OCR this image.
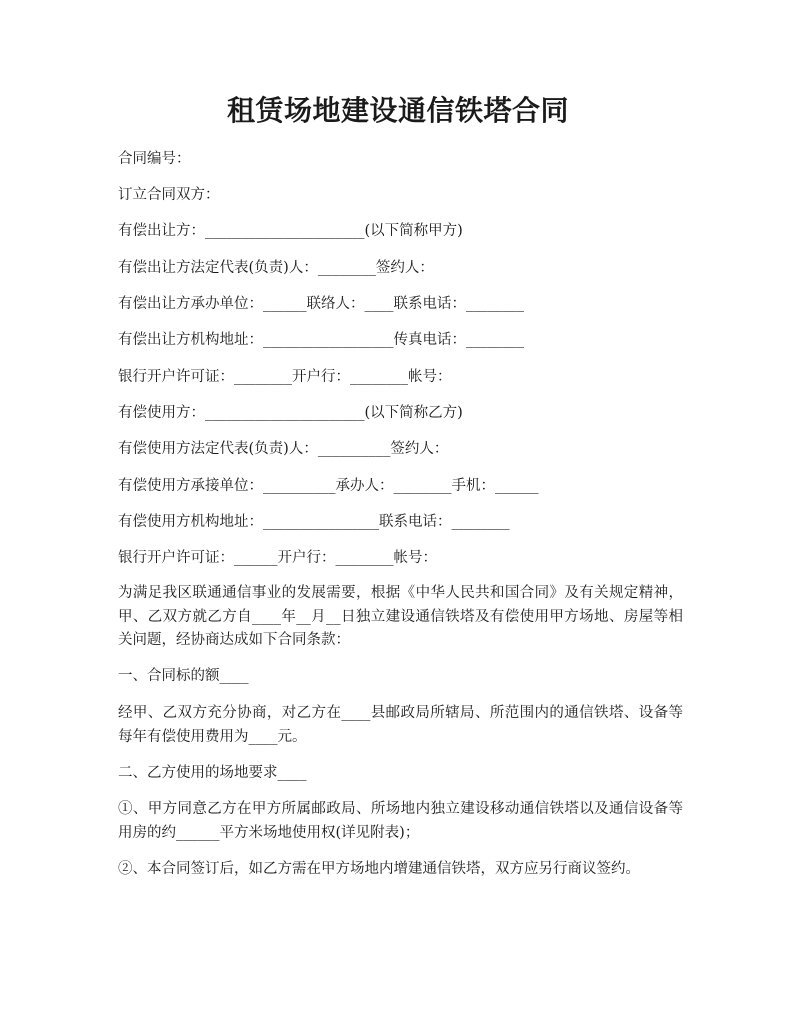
租赁场地建设通信铁塔合同
合同编号：
订立合同双方：
有偿出让方：______________________(以下简称甲方)
有偿出让方法定代表(负责)人：________签约人：
有偿出让方承办单位：______联络人：____联系电话：________
有偿出让方机构地址：__________________传真电话：________
银行开户许可证：________开户行：________帐号：
有偿使用方：______________________(以下简称乙方)
有偿使用方法定代表(负责)人：__________签约人：
有偿使用方承接单位：__________承办人：________手机：______
有偿使用方机构地址：________________联系电话：________
银行开户许可证：______开户行：________帐号：
为满足我区联通通信事业的发展需要，根据《中华人民共和国合同》及有关规定精神，甲、乙双方就乙方自____年__月__日独立建设通信铁塔及有偿使用甲方场地、房屋等相关问题，经协商达成如下合同条款：
一、合同标的额____
经甲、乙双方充分协商，对乙方在____县邮政局所辖局、所范围内的通信铁塔、设备等每年有偿使用费用为____元。
二、乙方使用的场地要求____
①、甲方同意乙方在甲方所属邮政局、所场地内独立建设移动通信铁塔以及通信设备等用房的约______平方米场地使用权(详见附表)；
②、本合同签订后，如乙方需在甲方场地内增建通信铁塔，双方应另行商议签约。
